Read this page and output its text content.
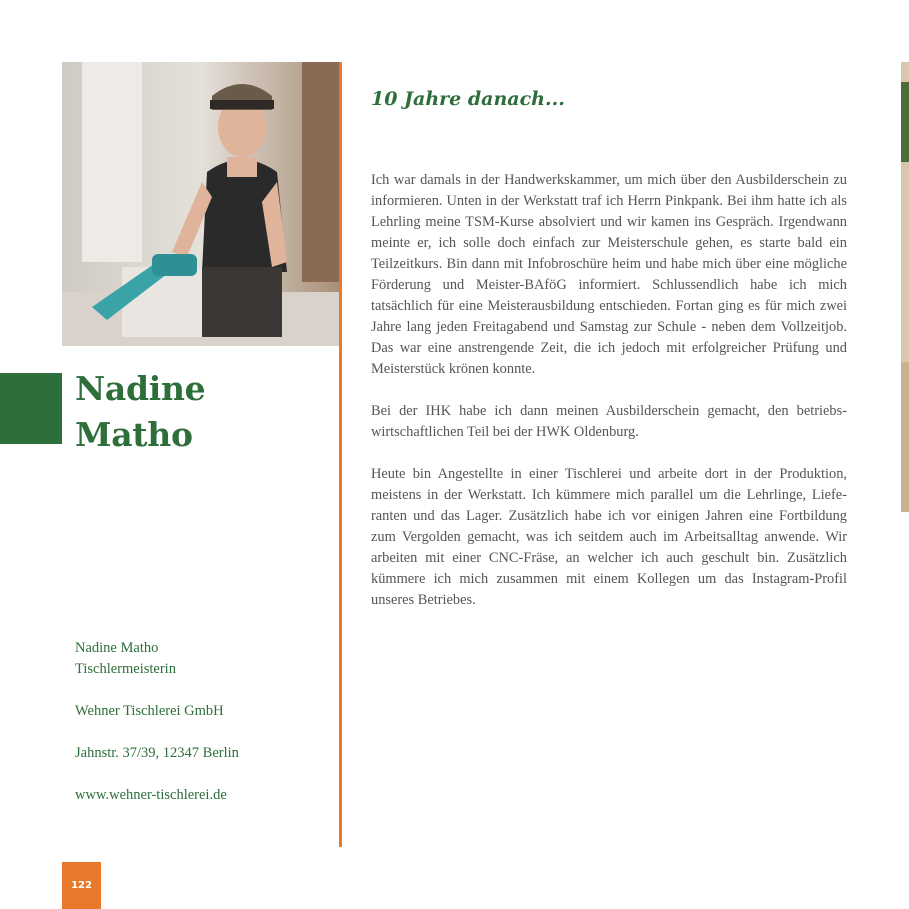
Nadine
Matho
Nadine Matho
Tischlermeisterin
Wehner Tischlerei GmbH
Jahnstr. 37/39, 12347 Berlin
www.wehner-tischlerei.de
10 Jahre danach...

Ich war damals in der Handwerkskammer, um mich über den Ausbilderschein zu informieren. Unten in der Werkstatt traf ich Herrn Pinkpank. Bei ihm hatte ich als Lehrling meine TSM-Kurse absolviert und wir kamen ins Gespräch. Irgendwann meinte er, ich solle doch einfach zur Meisterschule gehen, es starte bald ein Teilzeitkurs. Bin dann mit Infobroschüre heim und habe mich über eine mögliche Förderung und Meister-BAföG informiert. Schlussendlich habe ich mich tatsächlich für eine Meisterausbildung entschieden. Fortan ging es für mich zwei Jahre lang jeden Freitagabend und Samstag zur Schule - neben dem Vollzeitjob. Das war eine anstrengende Zeit, die ich jedoch mit erfolgreicher Prüfung und Meisterstück krönen konnte.

Bei der IHK habe ich dann meinen Ausbilderschein gemacht, den betriebswirtschaftlichen Teil bei der HWK Oldenburg.

Heute bin Angestellte in einer Tischlerei und arbeite dort in der Produktion, meistens in der Werkstatt. Ich kümmere mich parallel um die Lehrlinge, Lieferanten und das Lager. Zusätzlich habe ich vor einigen Jahren eine Fortbildung zum Vergolden gemacht, was ich seitdem auch im Arbeitsalltag anwende. Wir arbeiten mit einer CNC-Fräse, an welcher ich auch geschult bin. Zusätzlich kümmere ich mich zusammen mit einem Kollegen um das Instagram-Profil unseres Betriebes.

122
